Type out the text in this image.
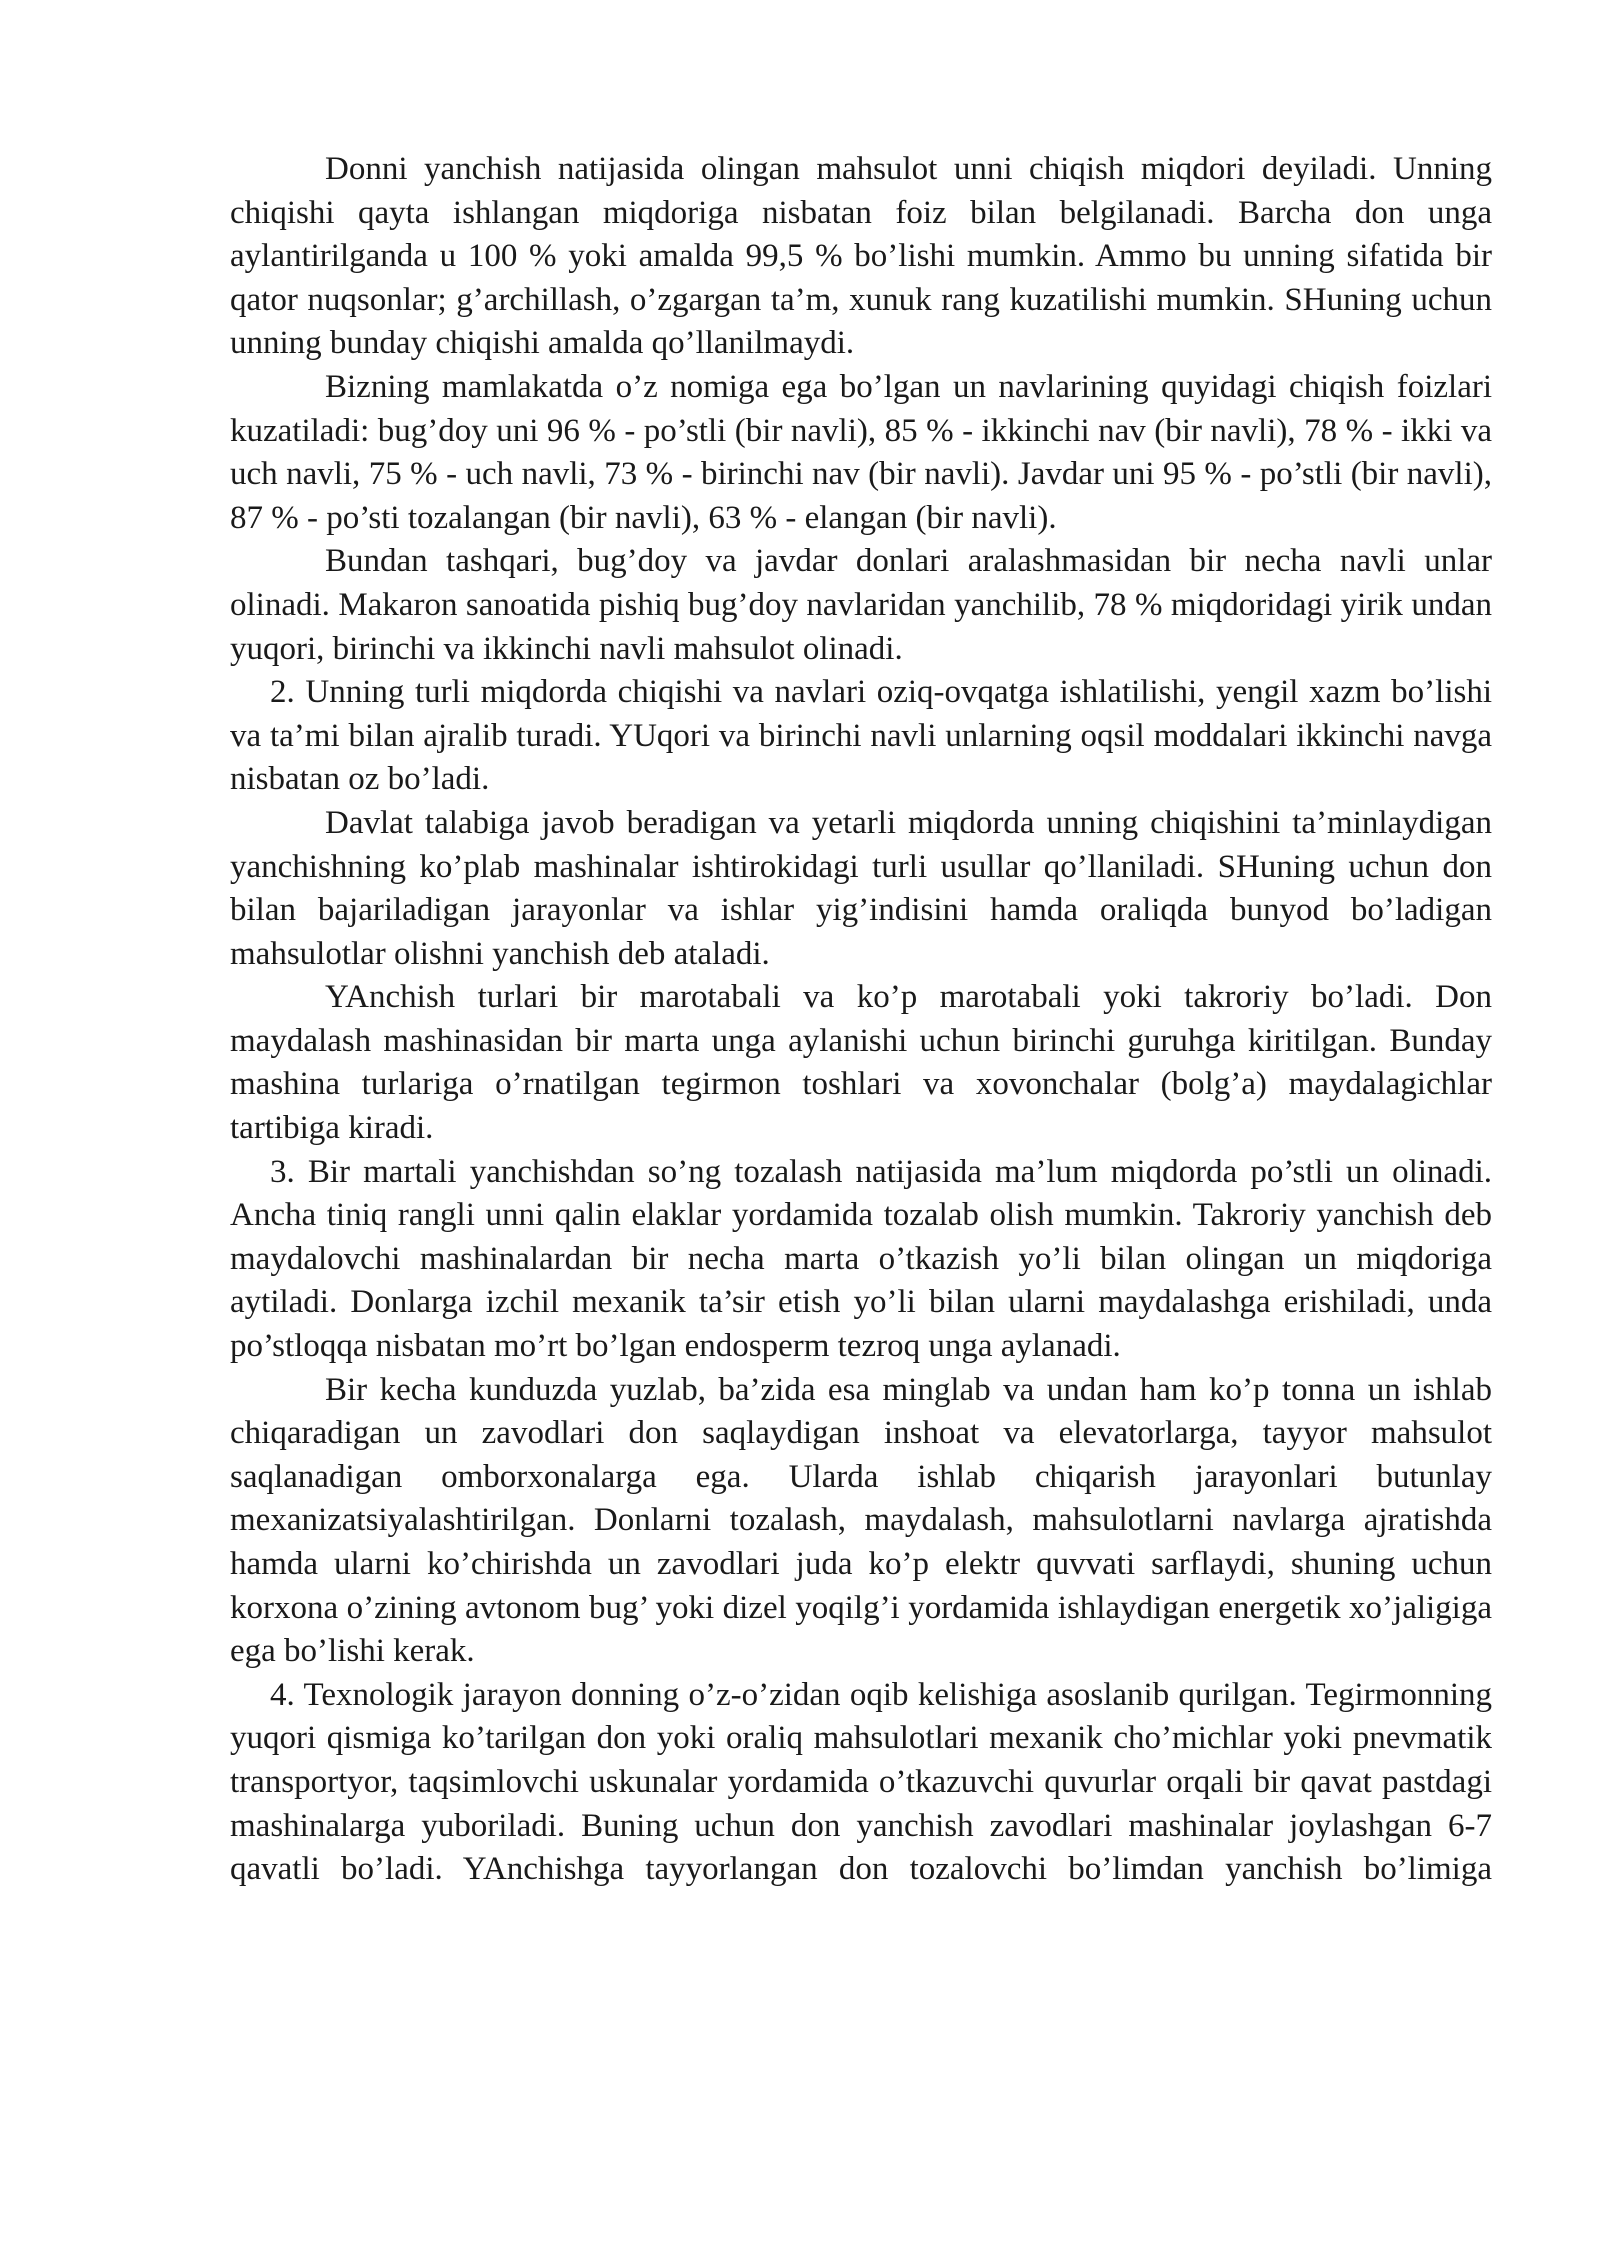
Donni yanchish natijasida olingan mahsulot unni chiqish miqdori deyiladi. Unning chiqishi qayta ishlangan miqdoriga nisbatan foiz bilan belgilanadi. Barcha don unga aylantirilganda u 100 % yoki amalda 99,5 % bo’lishi mumkin. Ammo bu unning sifatida bir qator nuqsonlar; g’archillash, o’zgargan ta’m, xunuk rang kuzatilishi mumkin. SHuning uchun unning bunday chiqishi amalda qo’llanilmaydi.

Bizning mamlakatda o’z nomiga ega bo’lgan un navlarining quyidagi chiqish foizlari kuzatiladi: bug’doy uni 96 % - po’stli (bir navli), 85 % - ikkinchi nav (bir navli), 78 % - ikki va uch navli, 75 % - uch navli, 73 % - birinchi nav (bir navli). Javdar uni 95 % - po’stli (bir navli), 87 % - po’sti tozalangan (bir navli), 63 % - elangan (bir navli).

Bundan tashqari, bug’doy va javdar donlari aralashmasidan bir necha navli unlar olinadi. Makaron sanoatida pishiq bug’doy navlaridan yanchilib, 78 % miqdoridagi yirik undan yuqori, birinchi va ikkinchi navli mahsulot olinadi.

2. Unning turli miqdorda chiqishi va navlari oziq-ovqatga ishlatilishi, yengil xazm bo’lishi va ta’mi bilan ajralib turadi. YUqori va birinchi navli unlarning oqsil moddalari ikkinchi navga nisbatan oz bo’ladi.

Davlat talabiga javob beradigan va yetarli miqdorda unning chiqishini ta’minlaydigan yanchishning ko’plab mashinalar ishtirokidagi turli usullar qo’llaniladi. SHuning uchun don bilan bajariladigan jarayonlar va ishlar yig’indisini hamda oraliqda bunyod bo’ladigan mahsulotlar olishni yanchish deb ataladi.

YAnchish turlari bir marotabali va ko’p marotabali yoki takroriy bo’ladi. Don maydalash mashinasidan bir marta unga aylanishi uchun birinchi guruhga kiritilgan. Bunday mashina turlariga o’rnatilgan tegirmon toshlari va xovonchalar (bolg’a) maydalagichlar tartibiga kiradi.

3. Bir martali yanchishdan so’ng tozalash natijasida ma’lum miqdorda po’stli un olinadi. Ancha tiniq rangli unni qalin elaklar yordamida tozalab olish mumkin. Takroriy yanchish deb maydalovchi mashinalardan bir necha marta o’tkazish yo’li bilan olingan un miqdoriga aytiladi. Donlarga izchil mexanik ta’sir etish yo’li bilan ularni maydalashga erishiladi, unda po’stloqqa nisbatan mo’rt bo’lgan endosperm tezroq unga aylanadi.

Bir kecha kunduzda yuzlab, ba’zida esa minglab va undan ham ko’p tonna un ishlab chiqaradigan un zavodlari don saqlaydigan inshoat va elevatorlarga, tayyor mahsulot saqlanadigan omborxonalarga ega. Ularda ishlab chiqarish jarayonlari butunlay mexanizatsiyalashtirilgan. Donlarni tozalash, maydalash, mahsulotlarni navlarga ajratishda hamda ularni ko’chirishda un zavodlari juda ko’p elektr quvvati sarflaydi, shuning uchun korxona o’zining avtonom bug’ yoki dizel yoqilg’i yordamida ishlaydigan energetik xo’jaligiga ega bo’lishi kerak.

4. Texnologik jarayon donning o’z-o’zidan oqib kelishiga asoslanib qurilgan. Tegirmonning yuqori qismiga ko’tarilgan don yoki oraliq mahsulotlari mexanik cho’michlar yoki pnevmatik transportyor, taqsimlovchi uskunalar yordamida o’tkazuvchi quvurlar orqali bir qavat pastdagi mashinalarga yuboriladi. Buning uchun don yanchish zavodlari mashinalar joylashgan 6-7 qavatli bo’ladi. YAnchishga tayyorlangan don tozalovchi bo’limdan yanchish bo’limiga
